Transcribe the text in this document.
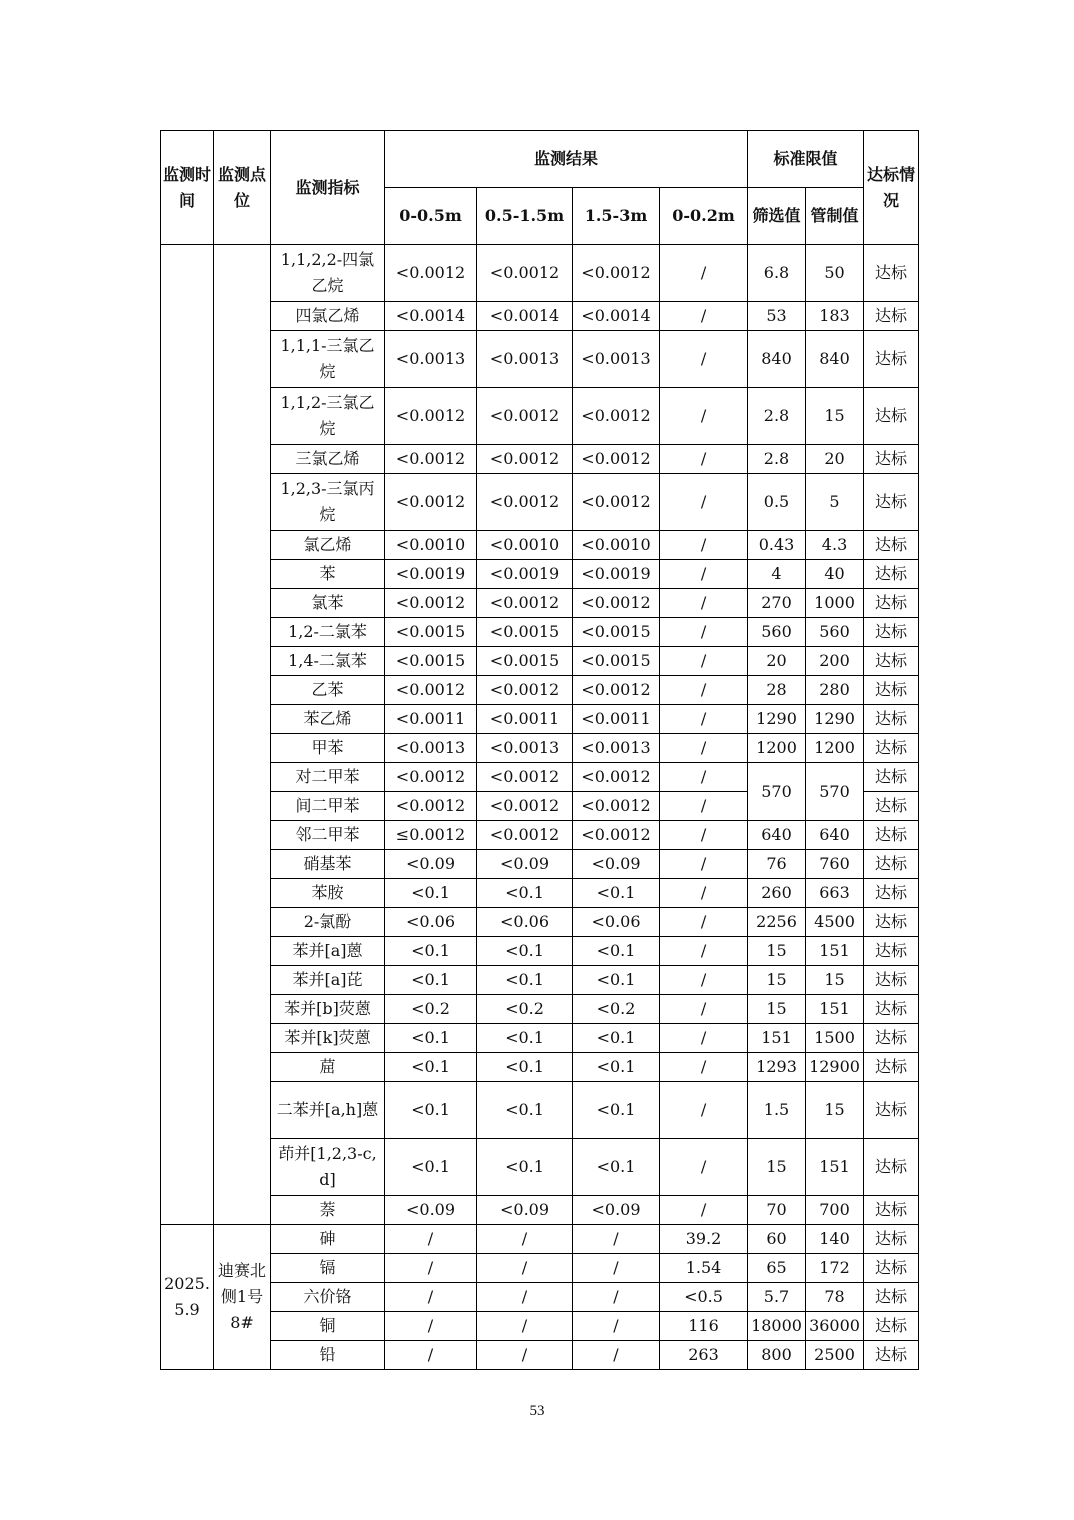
监测时间	监测点位	监测指标	监测结果				标准限值		达标情况
			0-0.5m	0.5-1.5m	1.5-3m	0-0.2m	筛选值	管制值	
		1,1,2,2-四氯乙烷	<0.0012	<0.0012	<0.0012	/	6.8	50	达标
		四氯乙烯	<0.0014	<0.0014	<0.0014	/	53	183	达标
		1,1,1-三氯乙烷	<0.0013	<0.0013	<0.0013	/	840	840	达标
		1,1,2-三氯乙烷	<0.0012	<0.0012	<0.0012	/	2.8	15	达标
		三氯乙烯	<0.0012	<0.0012	<0.0012	/	2.8	20	达标
		1,2,3-三氯丙烷	<0.0012	<0.0012	<0.0012	/	0.5	5	达标
		氯乙烯	<0.0010	<0.0010	<0.0010	/	0.43	4.3	达标
		苯	<0.0019	<0.0019	<0.0019	/	4	40	达标
		氯苯	<0.0012	<0.0012	<0.0012	/	270	1000	达标
		1,2-二氯苯	<0.0015	<0.0015	<0.0015	/	560	560	达标
		1,4-二氯苯	<0.0015	<0.0015	<0.0015	/	20	200	达标
		乙苯	<0.0012	<0.0012	<0.0012	/	28	280	达标
		苯乙烯	<0.0011	<0.0011	<0.0011	/	1290	1290	达标
		甲苯	<0.0013	<0.0013	<0.0013	/	1200	1200	达标
		对二甲苯	<0.0012	<0.0012	<0.0012	/	570	570	达标
		间二甲苯	<0.0012	<0.0012	<0.0012	/			达标
		邻二甲苯	≤0.0012	<0.0012	<0.0012	/	640	640	达标
		硝基苯	<0.09	<0.09	<0.09	/	76	760	达标
		苯胺	<0.1	<0.1	<0.1	/	260	663	达标
		2-氯酚	<0.06	<0.06	<0.06	/	2256	4500	达标
		苯并[a]蒽	<0.1	<0.1	<0.1	/	15	151	达标
		苯并[a]芘	<0.1	<0.1	<0.1	/	15	15	达标
		苯并[b]荧蒽	<0.2	<0.2	<0.2	/	15	151	达标
		苯并[k]荧蒽	<0.1	<0.1	<0.1	/	151	1500	达标
		䓛	<0.1	<0.1	<0.1	/	1293	12900	达标
		二苯并[a,h]蒽	<0.1	<0.1	<0.1	/	1.5	15	达标
		茚并[1,2,3-c,d]	<0.1	<0.1	<0.1	/	15	151	达标
		萘	<0.09	<0.09	<0.09	/	70	700	达标
2025.5.9	迪赛北侧1号8#	砷	/	/	/	39.2	60	140	达标
		镉	/	/	/	1.54	65	172	达标
		六价铬	/	/	/	<0.5	5.7	78	达标
		铜	/	/	/	116	18000	36000	达标
		铅	/	/	/	263	800	2500	达标
53
